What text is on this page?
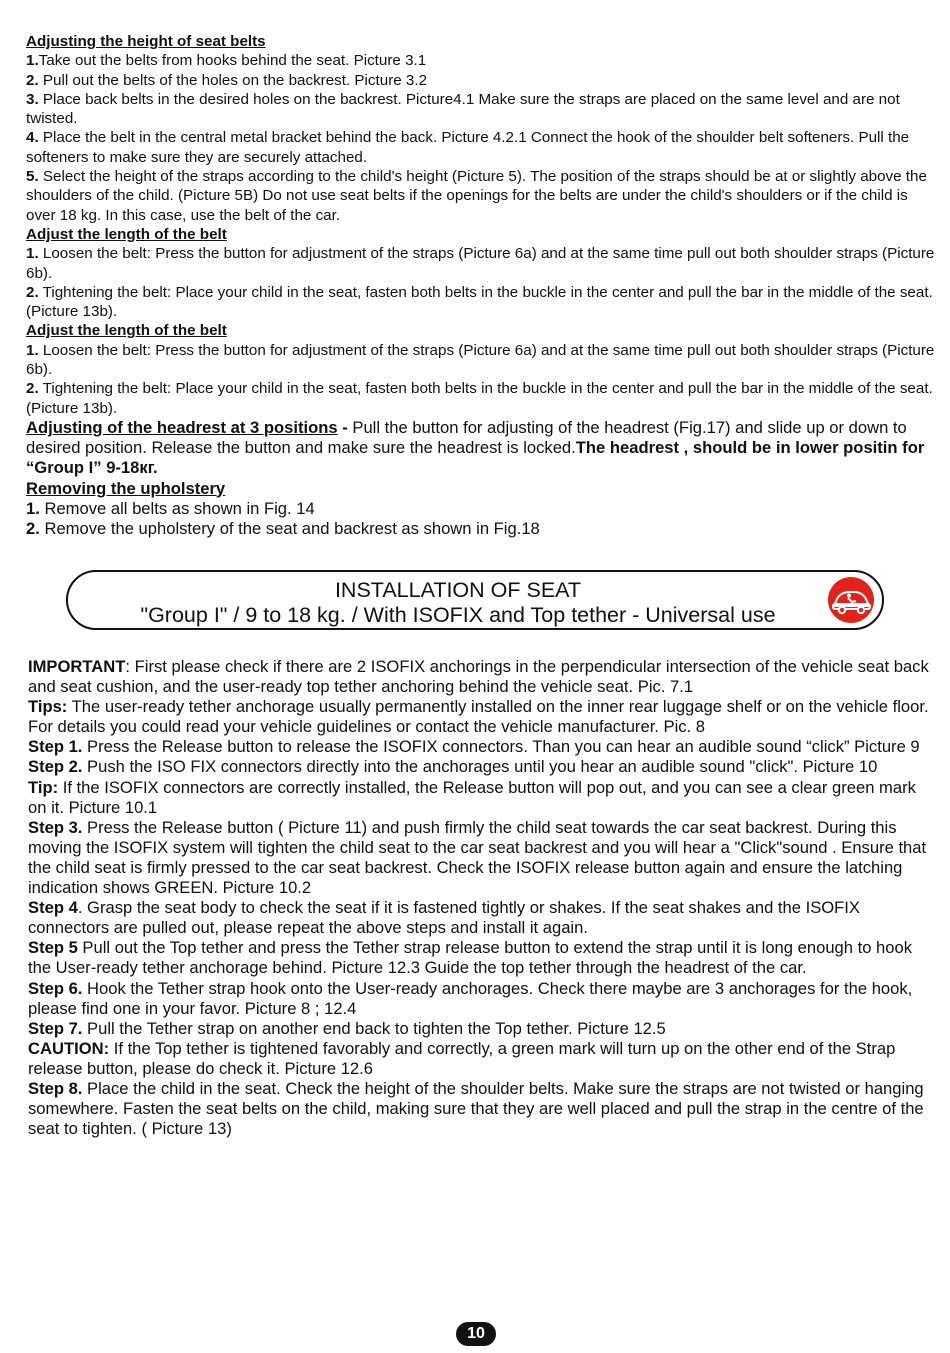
Adjusting the height of seat belts

1.Take out the belts from hooks behind the seat. Picture 3.1

2. Pull out the belts of the holes on the backrest. Picture 3.2

3. Place back belts in the desired holes on the backrest. Picture4.1 Make sure the straps are placed on the same level and are not twisted.

4. Place the belt in the central metal bracket behind the back. Picture 4.2.1 Connect the hook of the shoulder belt softeners. Pull the softeners to make sure they are securely attached.

5. Select the height of the straps according to the child's height (Picture 5). The position of the straps should be at or slightly above the shoulders of the child. (Picture 5B) Do not use seat belts if the openings for the belts are under the child's shoulders or if the child is over 18 kg. In this case, use the belt of the car.

Adjust the length of the belt

1. Loosen the belt: Press the button for adjustment of the straps (Picture 6a) and at the same time pull out both shoulder straps (Picture 6b).

2. Tightening the belt: Place your child in the seat, fasten both belts in the buckle in the center and pull the bar in the middle of the seat. (Picture 13b).

Adjust the length of the belt

1. Loosen the belt: Press the button for adjustment of the straps (Picture 6a) and at the same time pull out both shoulder straps (Picture 6b).

2. Tightening the belt: Place your child in the seat, fasten both belts in the buckle in the center and pull the bar in the middle of the seat. (Picture 13b).

Adjusting of the headrest at 3 positions - Pull the button for adjusting of the headrest (Fig.17) and slide up or down to desired position. Release the button and make sure the headrest is locked.The headrest , should be in lower positin for “Group I” 9-18кг.

Removing the upholstery

1. Remove all belts as shown in Fig. 14

2. Remove the upholstery of the seat and backrest as shown in Fig.18

INSTALLATION OF SEAT
"Group I" / 9 to 18 kg. / With ISOFIX and Top tether - Universal use

IMPORTANT: First please check if there are 2 ISOFIX anchorings in the perpendicular intersection of the vehicle seat back and seat cushion, and the user-ready top tether anchoring behind the vehicle seat. Pic. 7.1

Tips: The user-ready tether anchorage usually permanently installed on the inner rear luggage shelf or on the vehicle floor. For details you could read your vehicle guidelines or contact the vehicle manufacturer. Pic. 8

Step 1. Press the Release button to release the ISOFIX connectors. Than you can hear an audible sound “click” Picture 9

Step 2. Push the ISO FIX connectors directly into the anchorages until you hear an audible sound "click". Picture 10

Tip: If the ISOFIX connectors are correctly installed, the Release button will pop out, and you can see a clear green mark on it. Picture 10.1

Step 3. Press the Release button ( Picture 11) and push firmly the child seat towards the car seat backrest. During this moving the ISOFIX system will tighten the child seat to the car seat backrest and you will hear a "Click"sound . Ensure that the child seat is firmly pressed to the car seat backrest. Check the ISOFIX release button again and ensure the latching indication shows GREEN. Picture 10.2

Step 4. Grasp the seat body to check the seat if it is fastened tightly or shakes. If the seat shakes and the ISOFIX connectors are pulled out, please repeat the above steps and install it again.

Step 5 Pull out the Top tether and press the Tether strap release button to extend the strap until it is long enough to hook the User-ready tether anchorage behind. Picture 12.3 Guide the top tether through the headrest of the car.

Step 6. Hook the Tether strap hook onto the User-ready anchorages. Check there maybe are 3 anchorages for the hook, please find one in your favor. Picture 8 ; 12.4

Step 7. Pull the Tether strap on another end back to tighten the Top tether. Picture 12.5

CAUTION: If the Top tether is tightened favorably and correctly, a green mark will turn up on the other end of the Strap release button, please do check it. Picture 12.6

Step 8. Place the child in the seat. Check the height of the shoulder belts. Make sure the straps are not twisted or hanging somewhere. Fasten the seat belts on the child, making sure that they are well placed and pull the strap in the centre of the seat to tighten. ( Picture 13)

10
